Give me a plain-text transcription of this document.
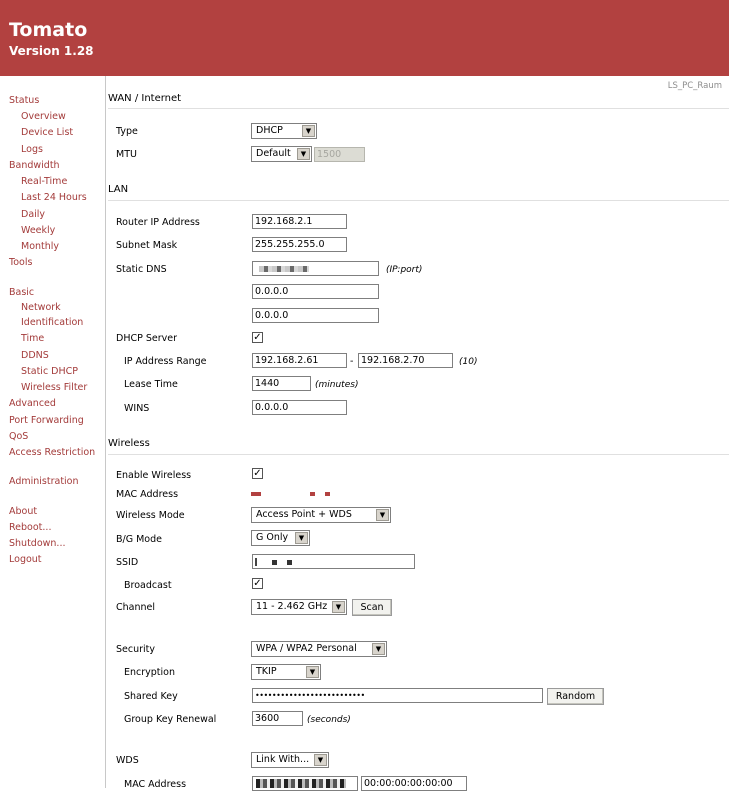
Tomato
Version 1.28
Status
Overview
Device List
Logs
Bandwidth
Real-Time
Last 24 Hours
Daily
Weekly
Monthly
Tools
Basic
Network
Identification
Time
DDNS
Static DHCP
Wireless Filter
Advanced
Port Forwarding
QoS
Access Restriction
Administration
About
Reboot...
Shutdown...
Logout
LS_PC_Raum
WAN / Internet
Type	DHCP	▼
MTU	Default	▼	1500
LAN
Router IP Address	192.168.2.1
Subnet Mask	255.255.255.0
Static DNS	(IP:port)
0.0.0.0
0.0.0.0
DHCP Server	✓
IP Address Range	192.168.2.61	- 192.168.2.70	(10)
Lease Time	1440	(minutes)
WINS	0.0.0.0
Wireless
Enable Wireless	✓
MAC Address
Wireless Mode	Access Point + WDS	▼
B/G Mode	G Only	▼
SSID
Broadcast	✓
Channel	11 - 2.462 GHz	▼	Scan
Security	WPA / WPA2 Personal	▼
Encryption	TKIP	▼
Shared Key	••••••••••••••••••••••••••	Random
Group Key Renewal	3600	(seconds)
WDS	Link With...	▼
MAC Address	00:00:00:00:00:00
